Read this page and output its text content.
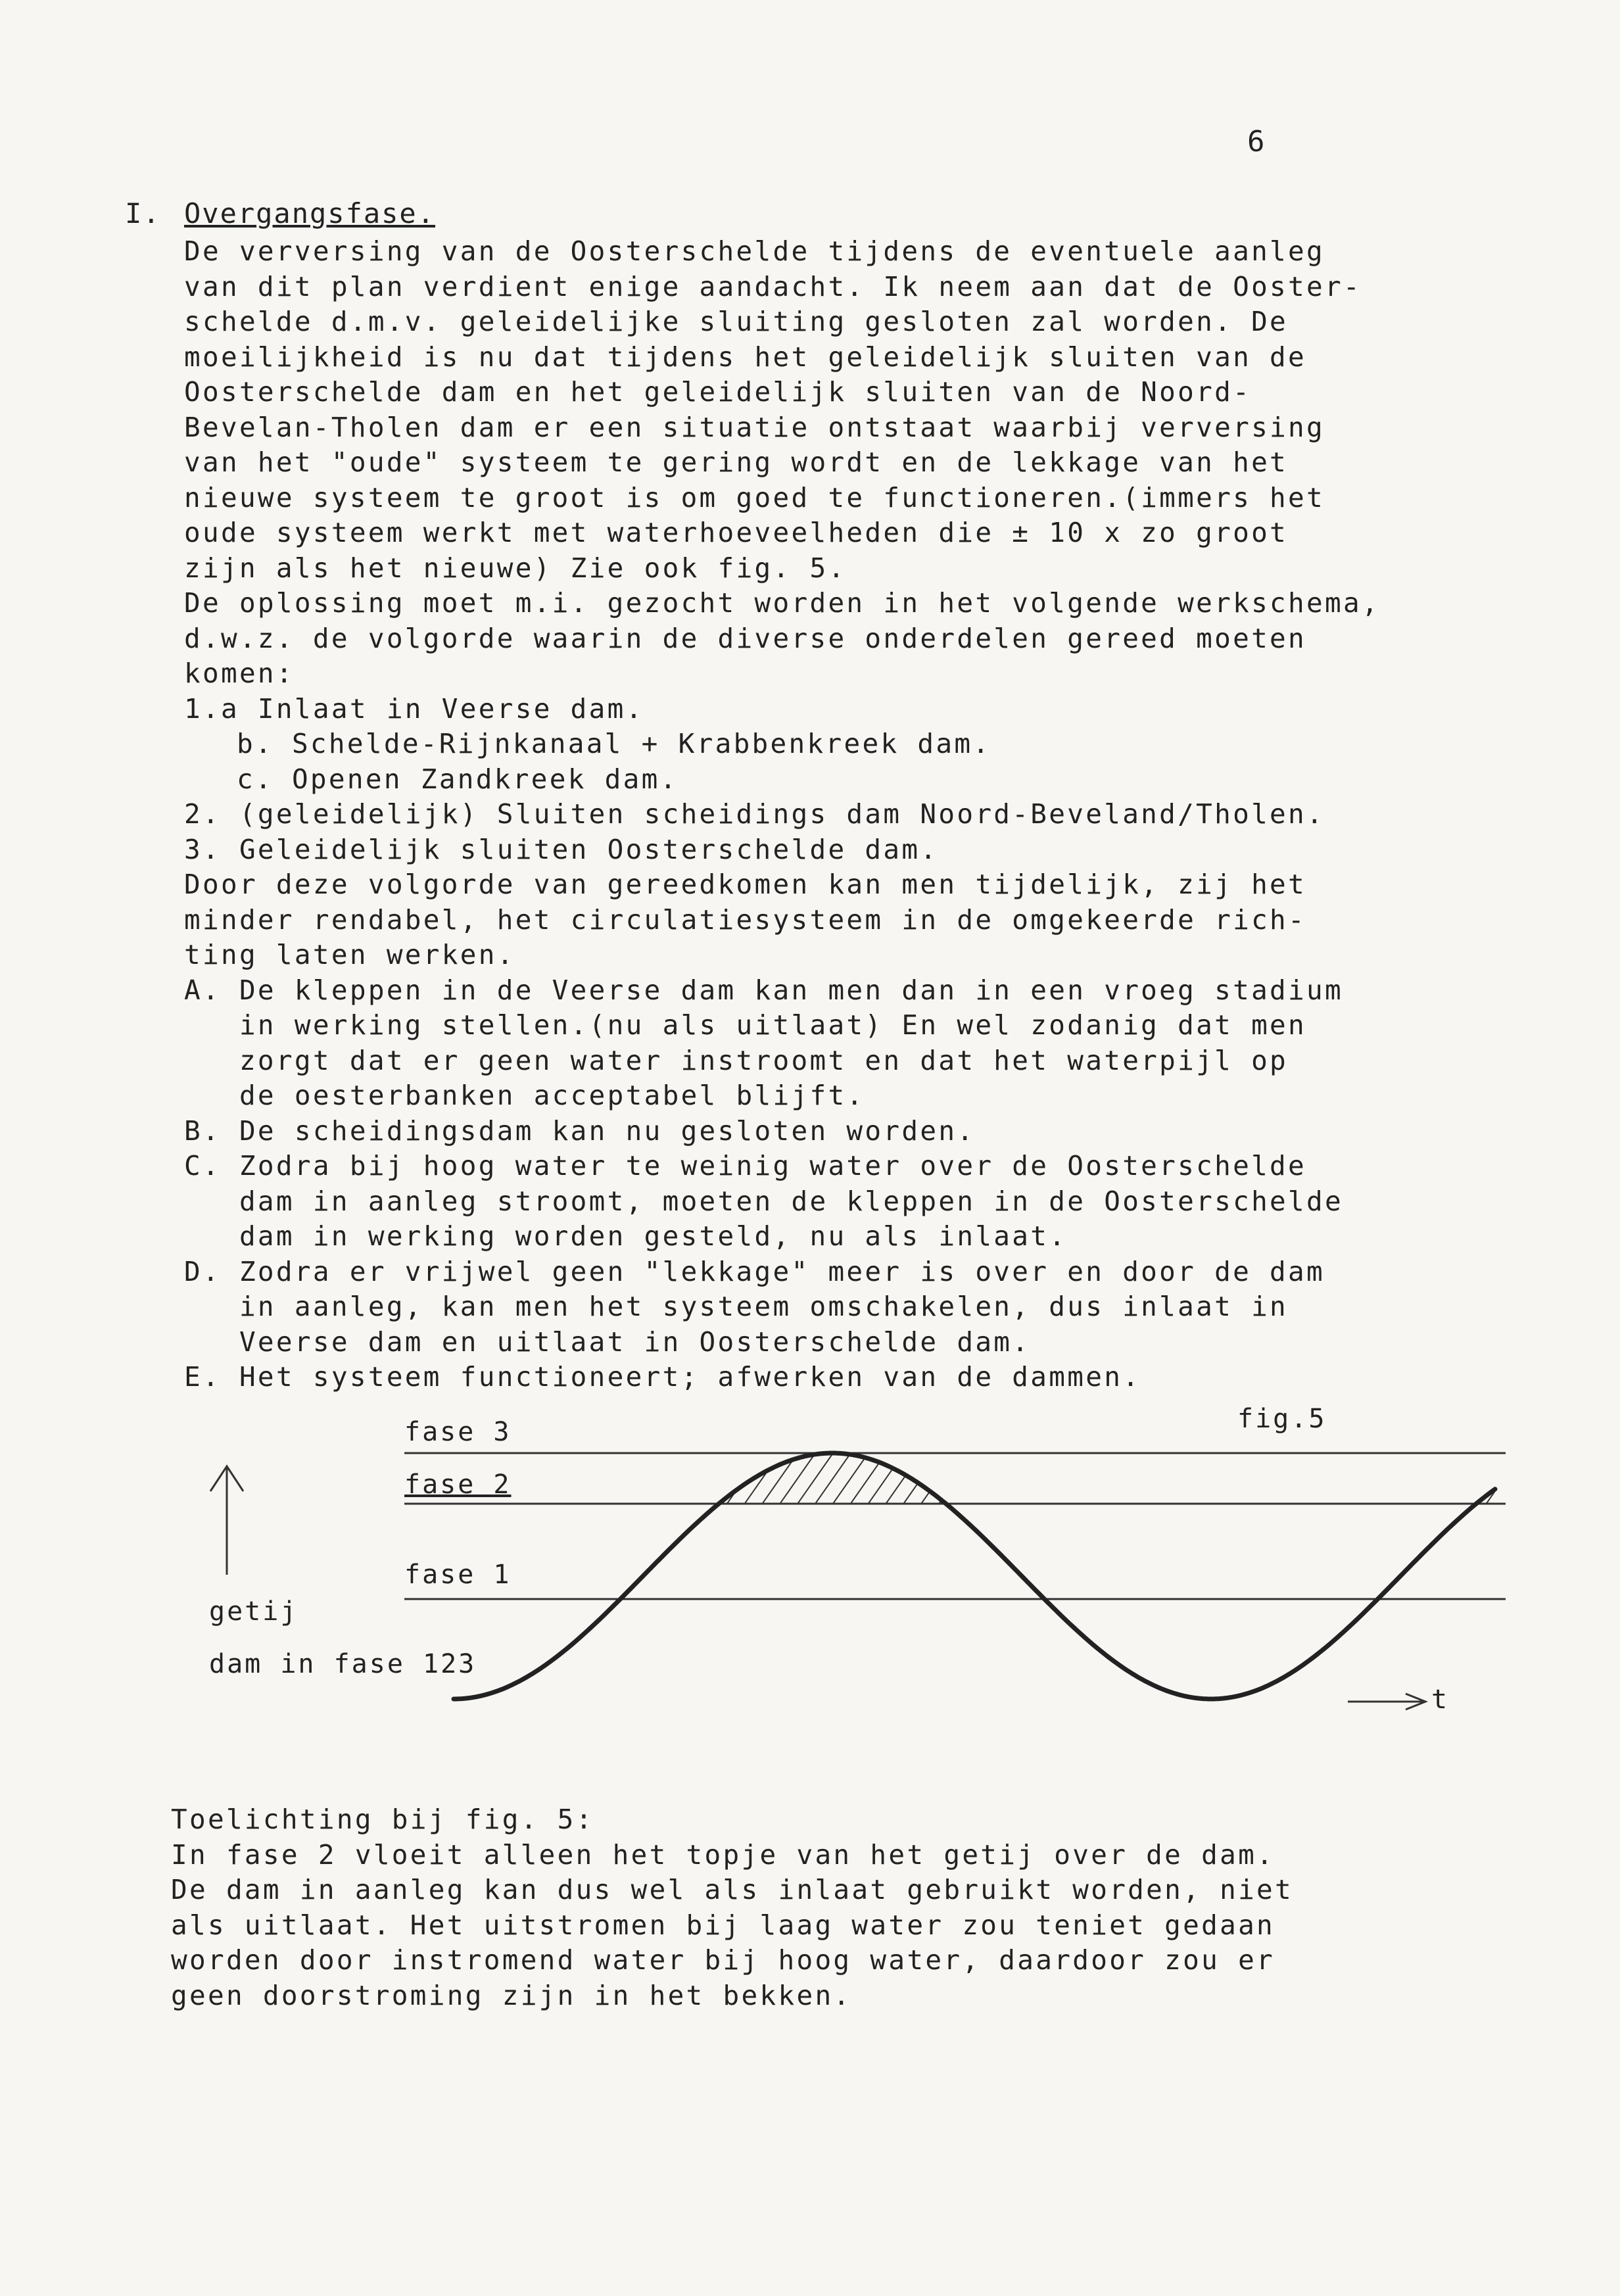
6
I. Overgangsfase.
De verversing van de Oosterschelde tijdens de eventuele aanleg
van dit plan verdient enige aandacht. Ik neem aan dat de Ooster-
schelde d.m.v. geleidelijke sluiting gesloten zal worden. De
moeilijkheid is nu dat tijdens het geleidelijk sluiten van de
Oosterschelde dam en het geleidelijk sluiten van de Noord-
Bevelan-Tholen dam er een situatie ontstaat waarbij verversing
van het "oude" systeem te gering wordt en de lekkage van het
nieuwe systeem te groot is om goed te functioneren.(immers het
oude systeem werkt met waterhoeveelheden die ± 10 x zo groot
zijn als het nieuwe) Zie ook fig. 5.
De oplossing moet m.i. gezocht worden in het volgende werkschema,
d.w.z. de volgorde waarin de diverse onderdelen gereed moeten
komen:
1.a Inlaat in Veerse dam.
b. Schelde-Rijnkanaal + Krabbenkreek dam.
c. Openen Zandkreek dam.
2. (geleidelijk) Sluiten scheidings dam Noord-Beveland/Tholen.
3. Geleidelijk sluiten Oosterschelde dam.
Door deze volgorde van gereedkomen kan men tijdelijk, zij het
minder rendabel, het circulatiesysteem in de omgekeerde rich-
ting laten werken.
A. De kleppen in de Veerse dam kan men dan in een vroeg stadium
in werking stellen.(nu als uitlaat) En wel zodanig dat men
zorgt dat er geen water instroomt en dat het waterpijl op
de oesterbanken acceptabel blijft.
B. De scheidingsdam kan nu gesloten worden.
C. Zodra bij hoog water te weinig water over de Oosterschelde
dam in aanleg stroomt, moeten de kleppen in de Oosterschelde
dam in werking worden gesteld, nu als inlaat.
D. Zodra er vrijwel geen "lekkage" meer is over en door de dam
in aanleg, kan men het systeem omschakelen, dus inlaat in
Veerse dam en uitlaat in Oosterschelde dam.
E. Het systeem functioneert; afwerken van de dammen.
fase 3	fig.5
fase 2
fase 1
getij
dam in fase 123
t
Toelichting bij fig. 5:
In fase 2 vloeit alleen het topje van het getij over de dam.
De dam in aanleg kan dus wel als inlaat gebruikt worden, niet
als uitlaat. Het uitstromen bij laag water zou teniet gedaan
worden door instromend water bij hoog water, daardoor zou er
geen doorstroming zijn in het bekken.
